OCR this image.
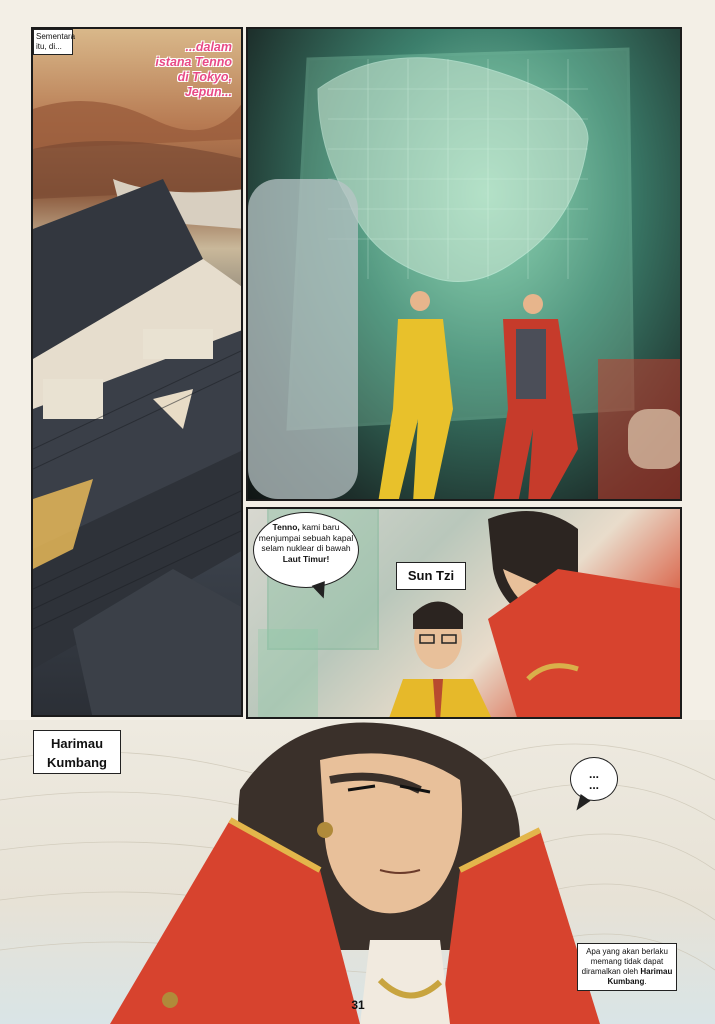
Sementara itu, di...	...dalam istana Tenno di Tokyo, Jepun...
Tenno, kami baru menjumpai sebuah kapal selam nuklear di bawah Laut Timur!
Sun Tzi
Harimau
Kumbang
...
...
Apa yang akan berlaku memang tidak dapat diramalkan oleh Harimau Kumbang.
31
